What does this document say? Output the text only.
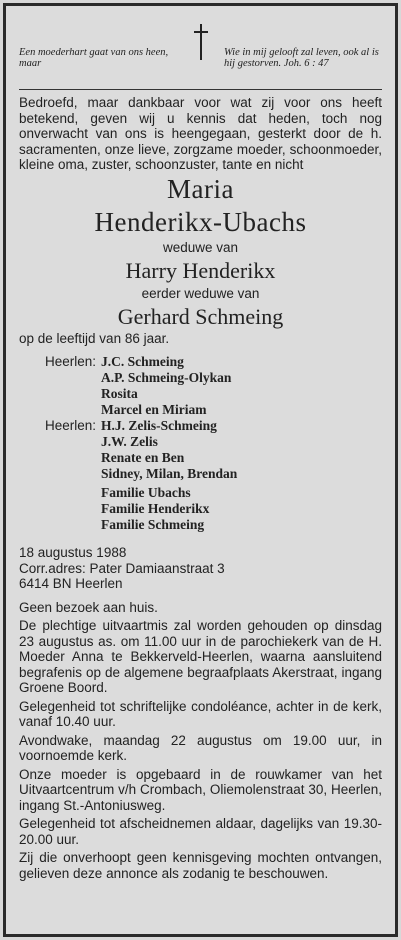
Een moederhart gaat van ons heen, maar
Wie in mij gelooft zal leven, ook al is hij gestorven. Joh. 6 : 47
Bedroefd, maar dankbaar voor wat zij voor ons heeft betekend, geven wij u kennis dat heden, toch nog onverwacht van ons is heengegaan, gesterkt door de h. sacramenten, onze lieve, zorgzame moeder, schoonmoeder, kleine oma, zuster, schoonzuster, tante en nicht
Maria
Henderikx-Ubachs
weduwe van
Harry Henderikx
eerder weduwe van
Gerhard Schmeing
op de leeftijd van 86 jaar.
Heerlen: J.C. Schmeing
A.P. Schmeing-Olykan
Rosita
Marcel en Miriam
Heerlen: H.J. Zelis-Schmeing
J.W. Zelis
Renate en Ben
Sidney, Milan, Brendan
Familie Ubachs
Familie Henderikx
Familie Schmeing
18 augustus 1988
Corr.adres: Pater Damiaanstraat 3
6414 BN Heerlen
Geen bezoek aan huis.
De plechtige uitvaartmis zal worden gehouden op dinsdag 23 augustus as. om 11.00 uur in de parochiekerk van de H. Moeder Anna te Bekkerveld-Heerlen, waarna aansluitend begrafenis op de algemene begraafplaats Akerstraat, ingang Groene Boord.
Gelegenheid tot schriftelijke condoléance, achter in de kerk, vanaf 10.40 uur.
Avondwake, maandag 22 augustus om 19.00 uur, in voornoemde kerk.
Onze moeder is opgebaard in de rouwkamer van het Uitvaartcentrum v/h Crombach, Oliemolenstraat 30, Heerlen, ingang St.-Antoniusweg.
Gelegenheid tot afscheidnemen aldaar, dagelijks van 19.30-20.00 uur.
Zij die onverhoopt geen kennisgeving mochten ontvangen, gelieven deze annonce als zodanig te beschouwen.
